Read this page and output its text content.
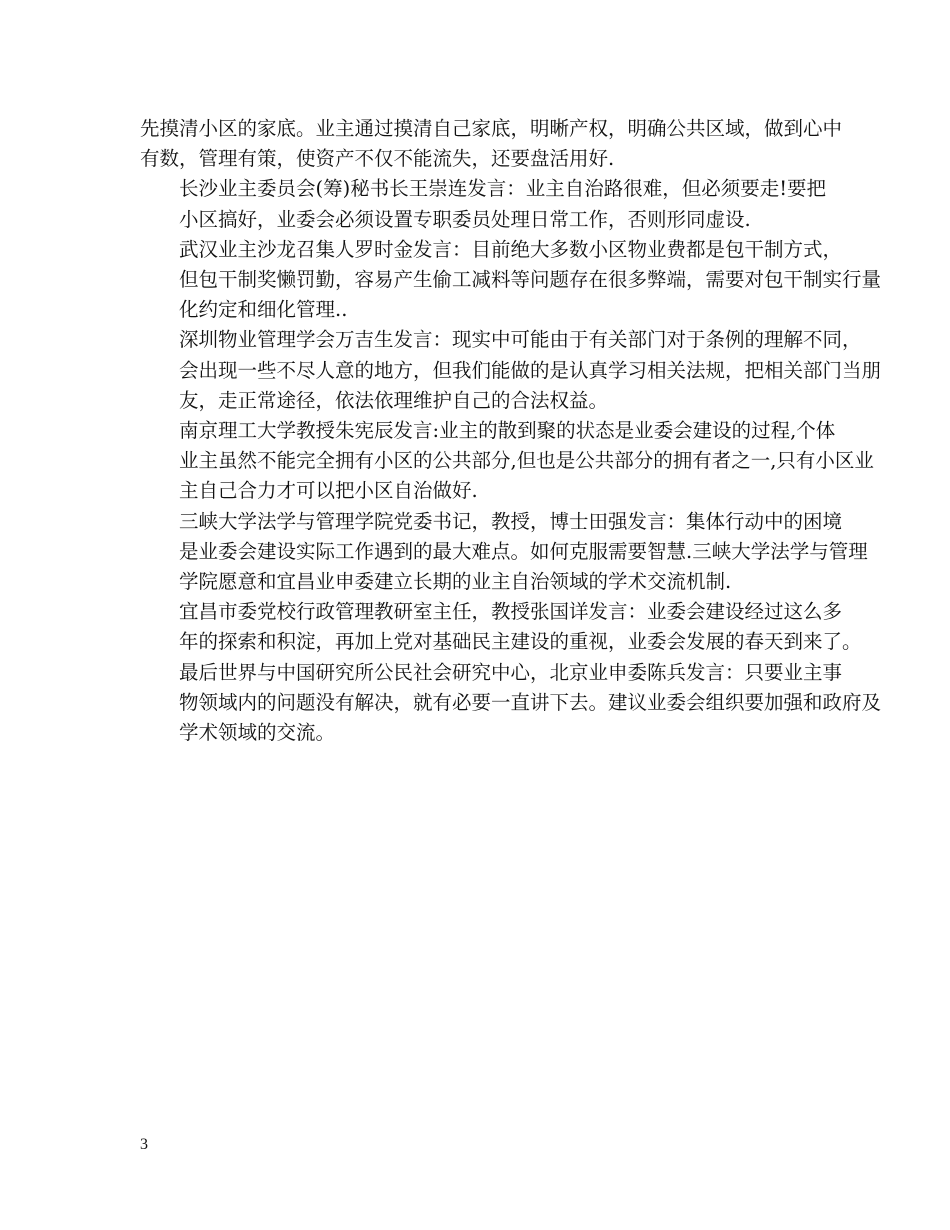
先摸清小区的家底。业主通过摸清自己家底，明晰产权，明确公共区域，做到心中
有数，管理有策，使资产不仅不能流失，还要盘活用好.

长沙业主委员会(筹)秘书长王崇连发言：业主自治路很难，但必须要走!要把
小区搞好，业委会必须设置专职委员处理日常工作，否则形同虚设.

武汉业主沙龙召集人罗时金发言：目前绝大多数小区物业费都是包干制方式，
但包干制奖懒罚勤，容易产生偷工减料等问题存在很多弊端，需要对包干制实行量
化约定和细化管理..

深圳物业管理学会万吉生发言：现实中可能由于有关部门对于条例的理解不同，
会出现一些不尽人意的地方，但我们能做的是认真学习相关法规，把相关部门当朋
友，走正常途径，依法依理维护自己的合法权益。

南京理工大学教授朱宪辰发言:业主的散到聚的状态是业委会建设的过程,个体
业主虽然不能完全拥有小区的公共部分,但也是公共部分的拥有者之一,只有小区业
主自己合力才可以把小区自治做好.

三峡大学法学与管理学院党委书记，教授，博士田强发言：集体行动中的困境
是业委会建设实际工作遇到的最大难点。如何克服需要智慧.三峡大学法学与管理
学院愿意和宜昌业申委建立长期的业主自治领域的学术交流机制.

宜昌市委党校行政管理教研室主任，教授张国详发言：业委会建设经过这么多
年的探索和积淀，再加上党对基础民主建设的重视，业委会发展的春天到来了。

最后世界与中国研究所公民社会研究中心，北京业申委陈兵发言：只要业主事
物领域内的问题没有解决，就有必要一直讲下去。建议业委会组织要加强和政府及
学术领域的交流。

3
